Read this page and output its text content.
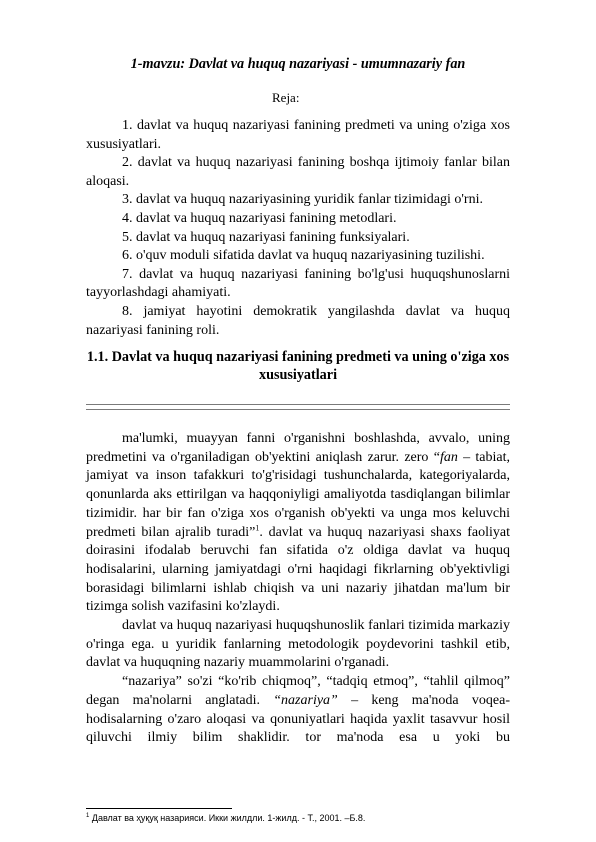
1-mavzu: Davlat va huquq nazariyasi - umumnazariy fan
Reja:
1. davlat va huquq nazariyasi fanining predmeti va uning o'ziga xos xususiyatlari.
2. davlat va huquq nazariyasi fanining boshqa ijtimoiy fanlar bilan aloqasi.
3. davlat va huquq nazariyasining yuridik fanlar tizimidagi o'rni.
4. davlat va huquq nazariyasi fanining metodlari.
5. davlat va huquq nazariyasi fanining funksiyalari.
6. o'quv moduli sifatida davlat va huquq nazariyasining tuzilishi.
7. davlat va huquq nazariyasi fanining bo'lg'usi huquqshunoslarni tayyorlashdagi ahamiyati.
8. jamiyat hayotini demokratik yangilashda davlat va huquq nazariyasi fanining roli.
1.1. Davlat va huquq nazariyasi fanining predmeti va uning o'ziga xos xususiyatlari

ma'lumki, muayyan fanni o'rganishni boshlashda, avvalo, uning predmetini va o'rganiladigan ob'yektini aniqlash zarur. zero “fan – tabiat, jamiyat va inson tafakkuri to'g'risidagi tushunchalarda, kategoriyalarda, qonunlarda aks ettirilgan va haqqoniyligi amaliyotda tasdiqlangan bilimlar tizimidir. har bir fan o'ziga xos o'rganish ob'yekti va unga mos keluvchi predmeti bilan ajralib turadi”$^1$. davlat va huquq nazariyasi shaxs faoliyat doirasini ifodalab beruvchi fan sifatida o'z oldiga davlat va huquq hodisalarini, ularning jamiyatdagi o'rni haqidagi fikrlarning ob'yektivligi borasidagi bilimlarni ishlab chiqish va uni nazariy jihatdan ma'lum bir tizimga solish vazifasini ko'zlaydi.

davlat va huquq nazariyasi huquqshunoslik fanlari tizimida markaziy o'ringa ega. u yuridik fanlarning metodologik poydevorini tashkil etib, davlat va huquqning nazariy muammolarini o'rganadi.

“nazariya” so'zi “ko'rib chiqmoq”, “tadqiq etmoq”, “tahlil qilmoq” degan ma'nolarni anglatadi. “nazariya” – keng ma'noda voqea-hodisalarning o'zaro aloqasi va qonuniyatlari haqida yaxlit tasavvur hosil qiluvchi ilmiy bilim shaklidir. tor ma'noda esa u yoki bu

$^1$ Давлат ва ҳуқуқ назарияси. Икки жилдли. 1-жилд. - Т., 2001. –Б.8.
